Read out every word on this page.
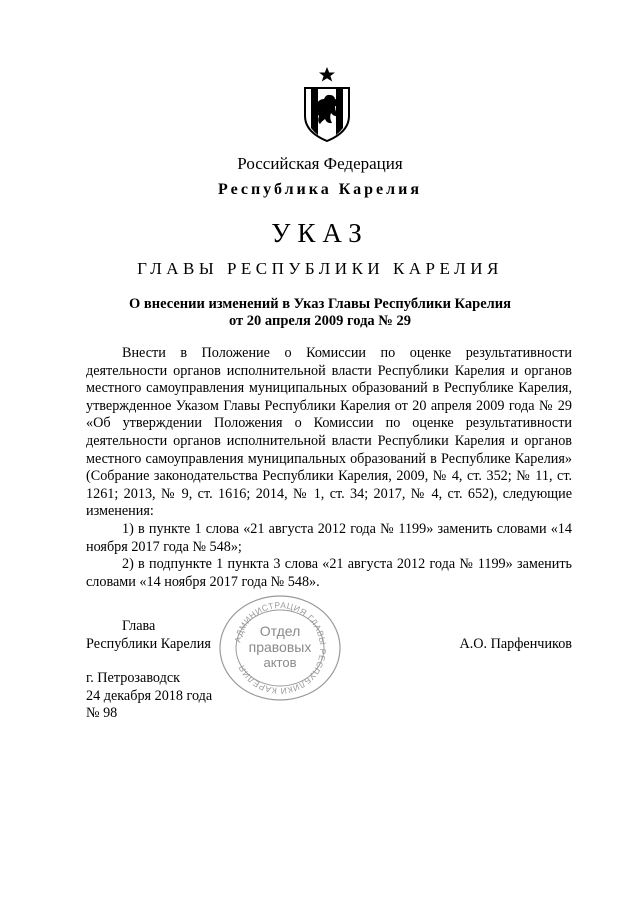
Российская Федерация
Республика Карелия
УКАЗ
ГЛАВЫ РЕСПУБЛИКИ КАРЕЛИЯ
О внесении изменений в Указ Главы Республики Карелия
от 20 апреля 2009 года № 29

Внести в Положение о Комиссии по оценке результативности деятельности органов исполнительной власти Республики Карелия и органов местного самоуправления муниципальных образований в Республике Карелия, утвержденное Указом Главы Республики Карелия от 20 апреля 2009 года № 29 «Об утверждении Положения о Комиссии по оценке результативности деятельности органов исполнительной власти Республики Карелия и органов местного самоуправления муниципальных образований в Республике Карелия» (Собрание законодательства Республики Карелия, 2009, № 4, ст. 352; № 11, ст. 1261; 2013, № 9, ст. 1616; 2014, № 1, ст. 34; 2017, № 4, ст. 652), следующие изменения:

1) в пункте 1 слова «21 августа 2012 года № 1199» заменить словами «14 ноября 2017 года № 548»;

2) в подпункте 1 пункта 3 слова «21 августа 2012 года № 1199» заменить словами «14 ноября 2017 года № 548».

Глава
Республики Карелия	АДМИНИСТРАЦИЯ ГЛАВЫ РЕСПУБЛИКИ КАРЕЛИЯ
Отдел
правовых
актов
А.О. Парфенчиков
г. Петрозаводск
24 декабря 2018 года
№ 98
